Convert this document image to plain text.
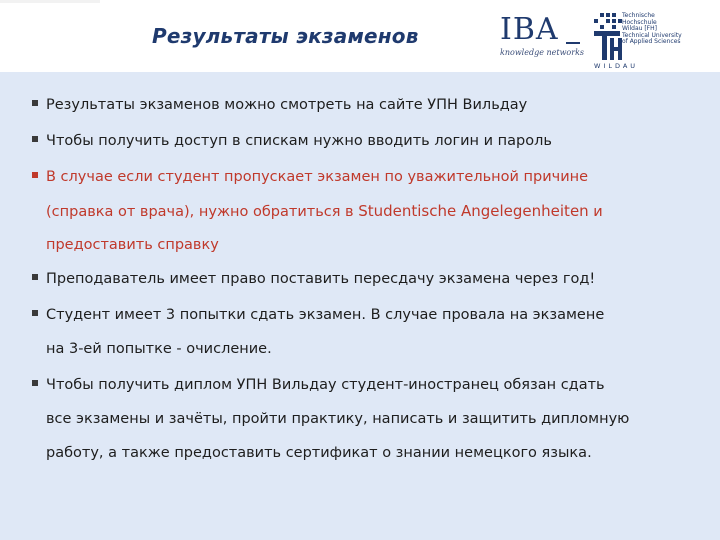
Результаты экзаменов	IBA
knowledge networks
Technische
Hochschule
Wildau [FH]
Technical University
of Applied Sciences
WILDAU
Результаты экзаменов можно смотреть на сайте УПН Вильдау
Чтобы получить доступ в спискам нужно вводить логин и пароль
В случае если студент пропускает экзамен по уважительной причине
(справка от врача), нужно обратиться в Studentische Angelegenheiten и
предоставить справку
Преподаватель имеет право поставить пересдачу экзамена через год!
Студент имеет 3 попытки сдать экзамен. В случае провала на экзамене
на 3-ей попытке - очисление.
Чтобы получить диплом УПН Вильдау студент-иностранец обязан сдать
все экзамены и зачёты, пройти практику, написать и защитить дипломную
работу, а также предоставить сертификат о знании немецкого языка.
